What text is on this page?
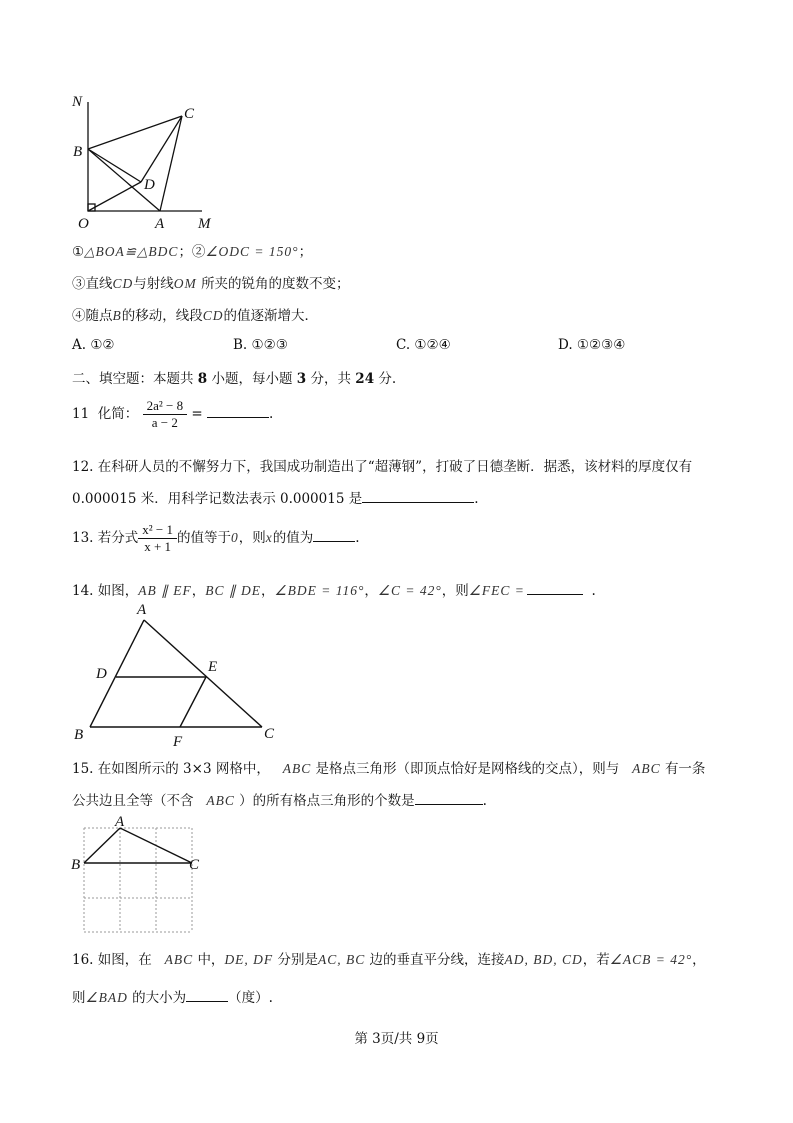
N
C
B
D
O	A M
①△BOA≌△BDC；②∠ODC = 150°；
③直线CD与射线OM 所夹的锐角的度数不变；
④随点B的移动，线段CD的值逐渐增大．
A. ①②	B. ①②③	C. ①②④	D. ①②③④
二、填空题：本题共 8 小题，每小题 3 分，共 24 分.
11 化简： $\frac{\text{2a² − 8}}{a - 2}$ =	.
12. 在科研人员的不懈努力下，我国成功制造出了“超薄钢”，打破了日德垄断．据悉，该材料的厚度仅有
0.000015 米．用科学记数法表示 0.000015 是	.
13. 若分式 $\frac{\text{x² − 1}}{x + 1}$ 的值等于0，则x的值为	.
14. 如图，AB ∥ EF，BC ∥ DE，∠BDE = 116°，∠C = 42°，则∠FEC =	.
A
D	E
B	F	C
15. 在如图所示的 3×3 网格中， ABC 是格点三角形（即顶点恰好是网格线的交点），则与 ABC 有一条
公共边且全等（不含 ABC ）的所有格点三角形的个数是	.
A
B	C
16. 如图，在 ABC 中，DE, DF 分别是AC, BC 边的垂直平分线，连接AD, BD, CD，若∠ACB = 42°，
则∠BAD 的大小为	（度）.
第 3页/共 9页
